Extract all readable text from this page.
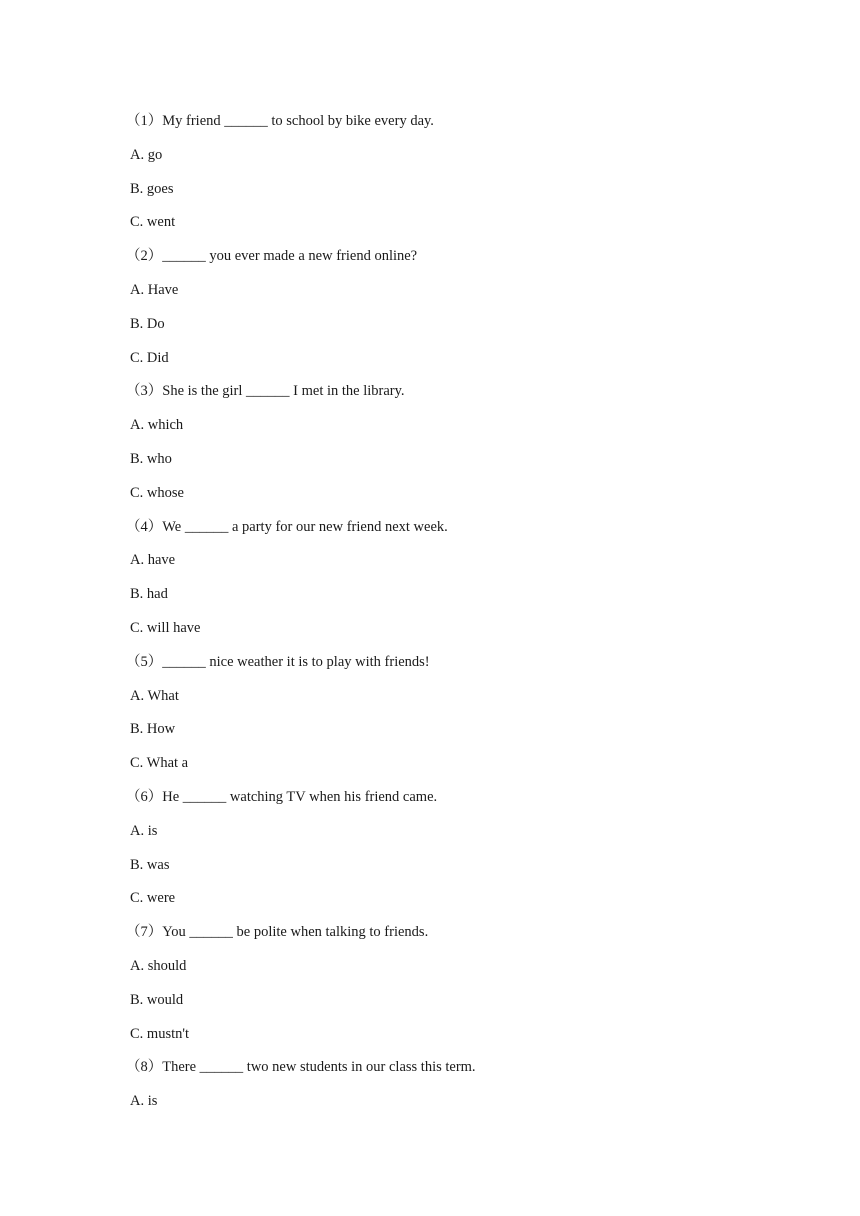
（1）My friend ______ to school by bike every day.
A. go
B. goes
C. went
（2）______ you ever made a new friend online?
A. Have
B. Do
C. Did
（3）She is the girl ______ I met in the library.
A. which
B. who
C. whose
（4）We ______ a party for our new friend next week.
A. have
B. had
C. will have
（5）______ nice weather it is to play with friends!
A. What
B. How
C. What a
（6）He ______ watching TV when his friend came.
A. is
B. was
C. were
（7）You ______ be polite when talking to friends.
A. should
B. would
C. mustn't
（8）There ______ two new students in our class this term.
A. is
